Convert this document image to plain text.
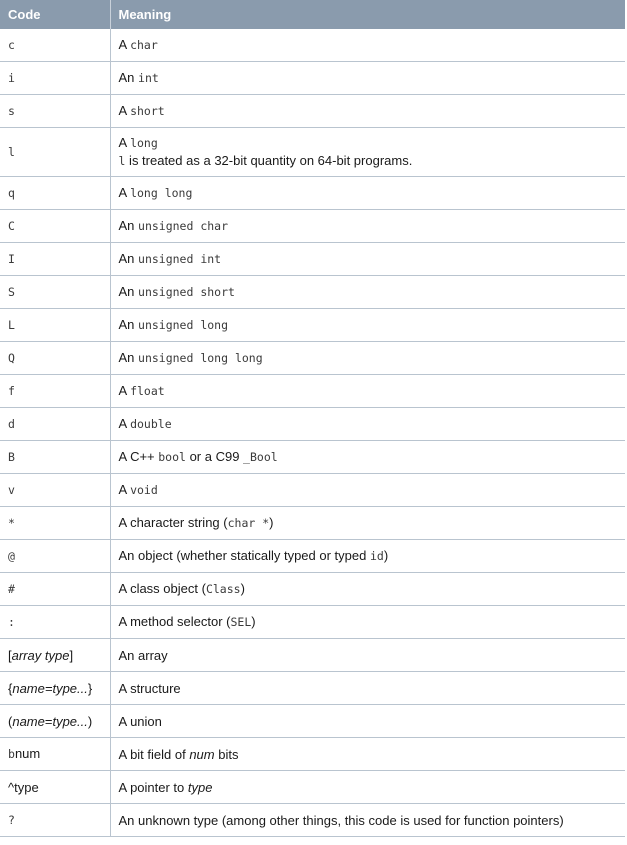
Code	Meaning
c	A char

i	An int

s	A short

l	A long
l is treated as a 32-bit quantity on 64-bit programs.

q	A long long

C	An unsigned char

I	An unsigned int

S	An unsigned short

L	An unsigned long

Q	An unsigned long long

f	A float

d	A double

B	A C++ bool or a C99 _Bool

v	A void

*	A character string (char *)

@	An object (whether statically typed or typed id)

#	A class object (Class)

:	A method selector (SEL)

[array type]	An array

{name=type...}	A structure

(name=type...)	A union

bnum	A bit field of num bits

^type	A pointer to type

?	An unknown type (among other things, this code is used for function pointers)
